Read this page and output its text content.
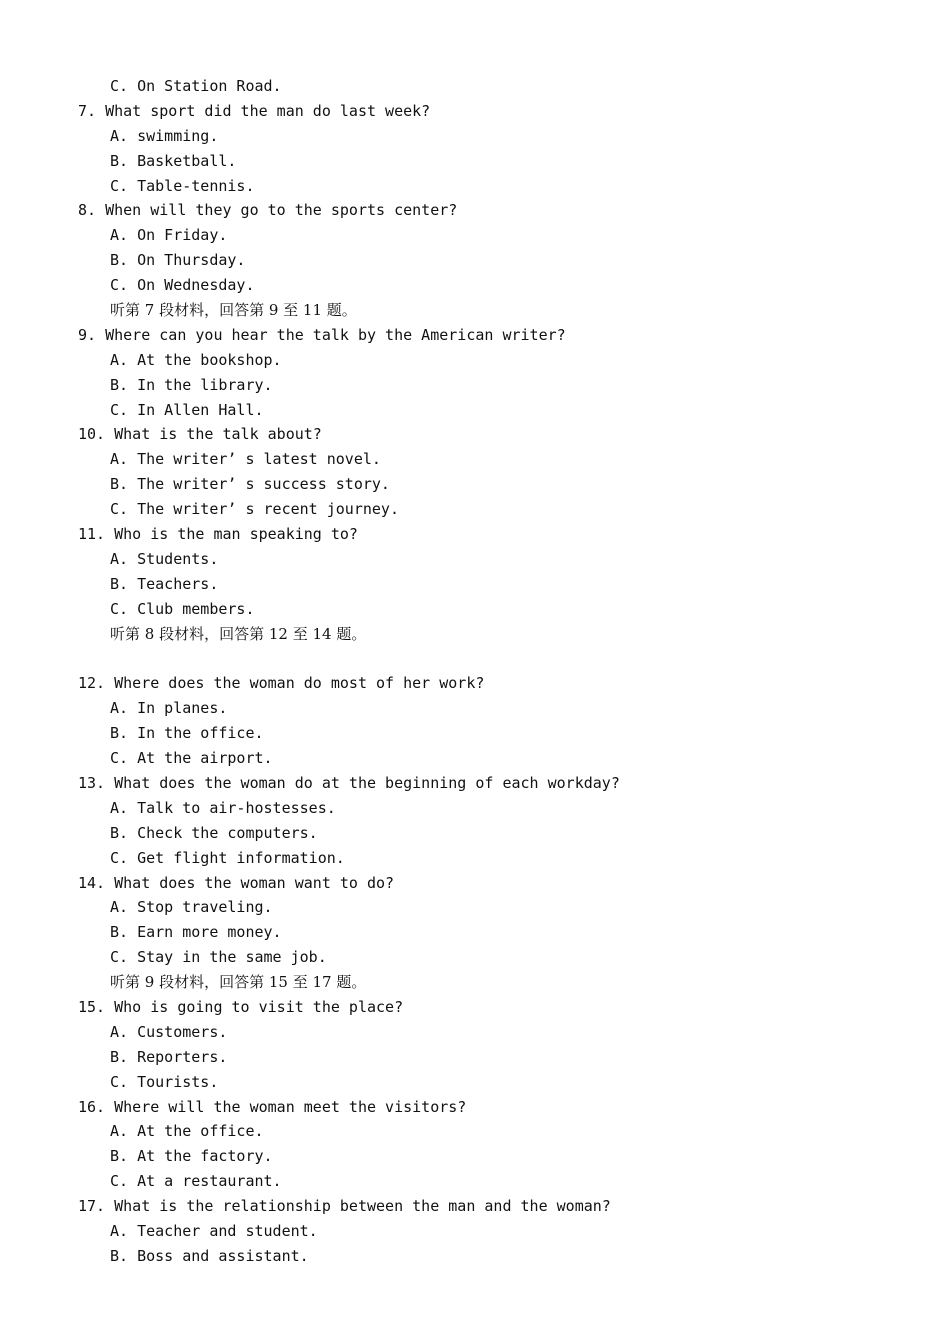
C. On Station Road.
7. What sport did the man do last week?
A. swimming.
B. Basketball.
C. Table-tennis.
8. When will they go to the sports center?
A. On Friday.
B. On Thursday.
C. On Wednesday.
听第 7 段材料，回答第 9 至 11 题。
9. Where can you hear the talk by the American writer?
A. At the bookshop.
B. In the library.
C. In Allen Hall.
10. What is the talk about?
A. The writer’ s latest novel.
B. The writer’ s success story.
C. The writer’ s recent journey.
11. Who is the man speaking to?
A. Students.
B. Teachers.
C. Club members.
听第 8 段材料，回答第 12 至 14 题。
12. Where does the woman do most of her work?
A. In planes.
B. In the office.
C. At the airport.
13. What does the woman do at the beginning of each workday?
A. Talk to air-hostesses.
B. Check the computers.
C. Get flight information.
14. What does the woman want to do?
A. Stop traveling.
B. Earn more money.
C. Stay in the same job.
听第 9 段材料，回答第 15 至 17 题。
15. Who is going to visit the place?
A. Customers.
B. Reporters.
C. Tourists.
16. Where will the woman meet the visitors?
A. At the office.
B. At the factory.
C. At a restaurant.
17. What is the relationship between the man and the woman?
A. Teacher and student.
B. Boss and assistant.
